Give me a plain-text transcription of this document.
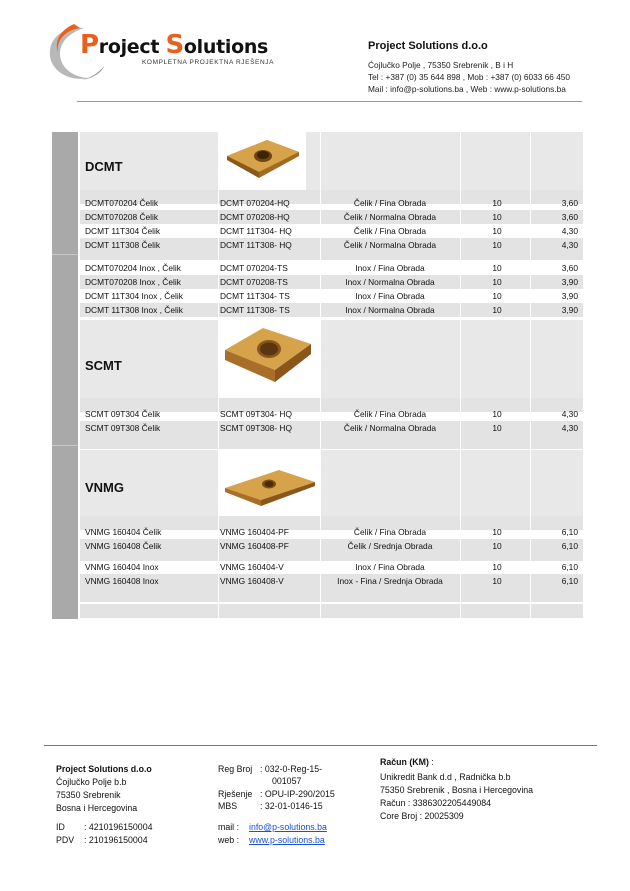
Project Solutions
KOMPLETNA PROJEKTNA RJEŠENJA
Project Solutions d.o.o
Ćojlučko Polje , 75350 Srebrenik , B i H
Tel : +387 (0) 35 644 898 , Mob : +387 (0) 6033 66 450
Mail : info@p-solutions.ba , Web : www.p-solutions.ba
DCMT
DCMT070204 Čelik	DCMT 070204-HQ	Čelik / Fina Obrada	10	3,60
DCMT070208 Čelik	DCMT 070208-HQ	Čelik / Normalna Obrada	10	3,60
DCMT 11T304 Čelik	DCMT 11T304- HQ	Čelik / Fina Obrada	10	4,30
DCMT 11T308 Čelik	DCMT 11T308- HQ	Čelik / Normalna Obrada	10	4,30
DCMT070204 Inox , Čelik	DCMT 070204-TS	Inox / Fina Obrada	10	3,60
DCMT070208 Inox , Čelik	DCMT 070208-TS	Inox / Normalna Obrada	10	3,90
DCMT 11T304 Inox , Čelik	DCMT 11T304- TS	Inox / Fina Obrada	10	3,90
DCMT 11T308 Inox , Čelik	DCMT 11T308- TS	Inox / Normalna Obrada	10	3,90
SCMT
SCMT 09T304 Čelik	SCMT 09T304- HQ	Čelik / Fina Obrada	10	4,30
SCMT 09T308 Čelik	SCMT 09T308- HQ	Čelik / Normalna Obrada	10	4,30
VNMG
VNMG 160404 Čelik	VNMG 160404-PF	Čelik / Fina Obrada	10	6,10
VNMG 160408 Čelik	VNMG 160408-PF	Čelik / Srednja Obrada	10	6,10
VNMG 160404 Inox	VNMG 160404-V	Inox / Fina Obrada	10	6,10
VNMG 160408 Inox	VNMG 160408-V	Inox - Fina / Srednja Obrada	10	6,10
Project Solutions d.o.o
Ćojlučko Polje b.b
75350 Srebrenik
Bosna i Hercegovina
ID : 4210196150004
PDV : 210196150004
Reg Broj : 032-0-Reg-15-
001057
Rješenje : OPU-IP-290/2015
MBS	: 32-01-0146-15
mail : info@p-solutions.ba
web : www.p-solutions.ba
Račun (KM) :
Unikredit Bank d.d , Radnička b.b
75350 Srebrenik , Bosna i Hercegovina
Račun : 3386302205449084
Core Broj : 20025309
